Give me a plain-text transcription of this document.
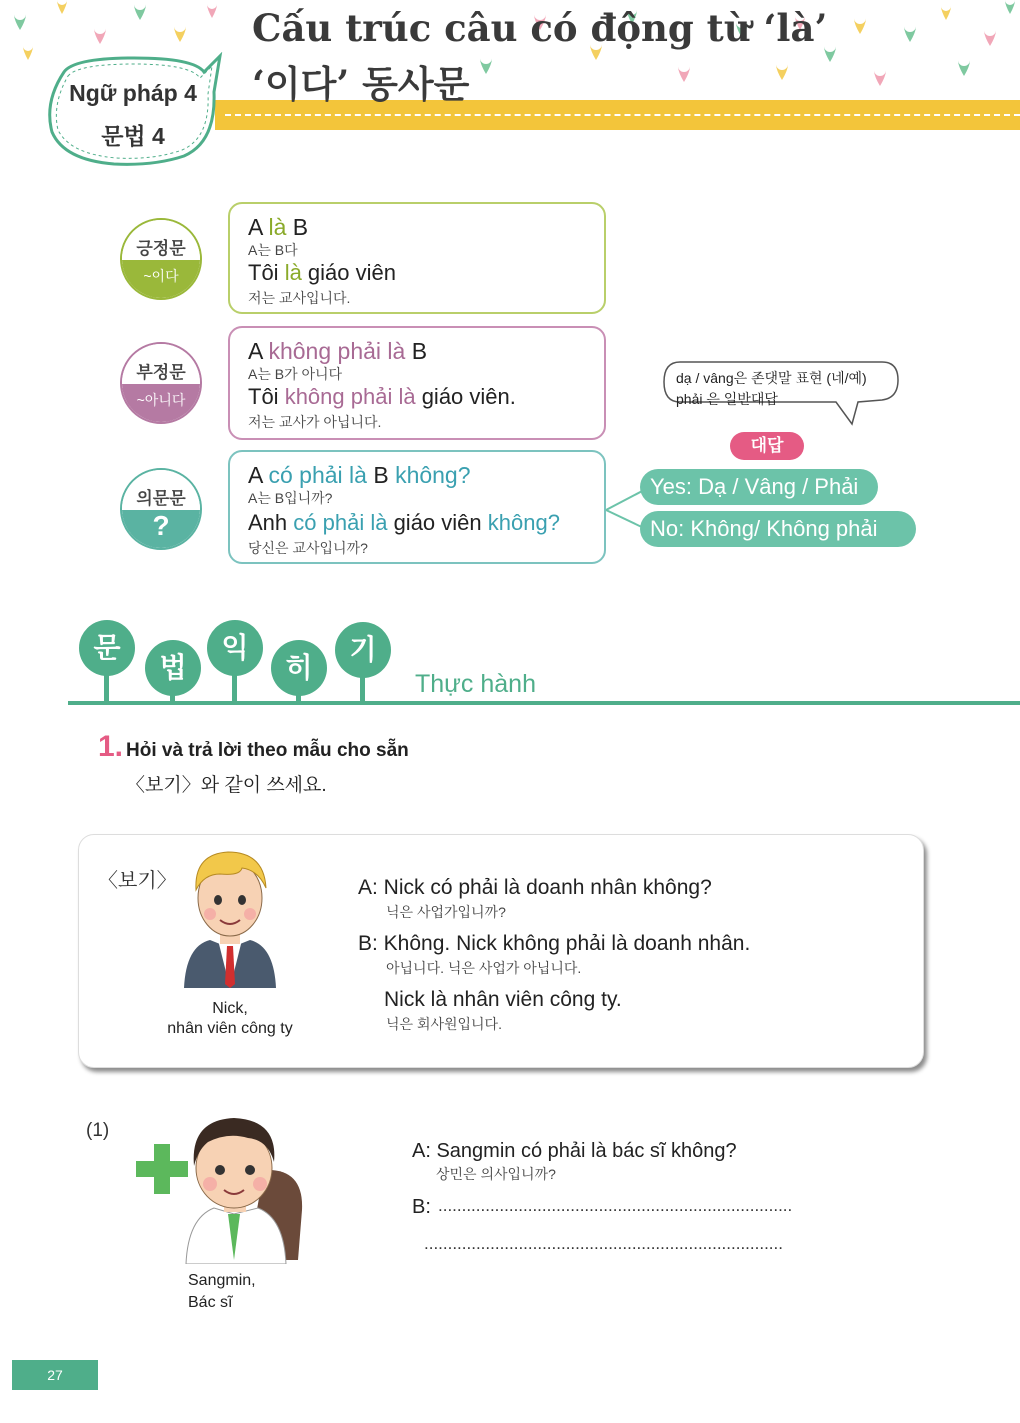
Cấu trúc câu có động từ ‘là’
‘이다’ 동사문
Ngữ pháp 4
문법 4
긍정문
~이다
A là B
A는 B다
Tôi là giáo viên
저는 교사입니다.
부정문
~아니다
A không phải là B
A는 B가 아니다
Tôi không phải là giáo viên.
저는 교사가 아닙니다.
의문문
?
A có phải là B không?
A는 B입니까?
Anh có phải là giáo viên không?
당신은 교사입니까?
dạ / vâng은 존댓말 표현 (네/예)
phải 은 일반대답
대답
Yes: Dạ / Vâng / Phải
No: Không/ Không phải
문
법
익
히
기
Thực hành
1. Hỏi và trả lời theo mẫu cho sẵn
〈보기〉와 같이 쓰세요.
〈보기〉
Nick,
nhân viên công ty
A: Nick có phải là doanh nhân không?
닉은 사업가입니까?
B: Không. Nick không phải là doanh nhân.
아닙니다. 닉은 사업가 아닙니다.
Nick là nhân viên công ty.
닉은 회사원입니다.
(1)
Sangmin,
Bác sĩ
A: Sangmin có phải là bác sĩ không?
상민은 의사입니까?
B: ...........................................................................
............................................................................
27
